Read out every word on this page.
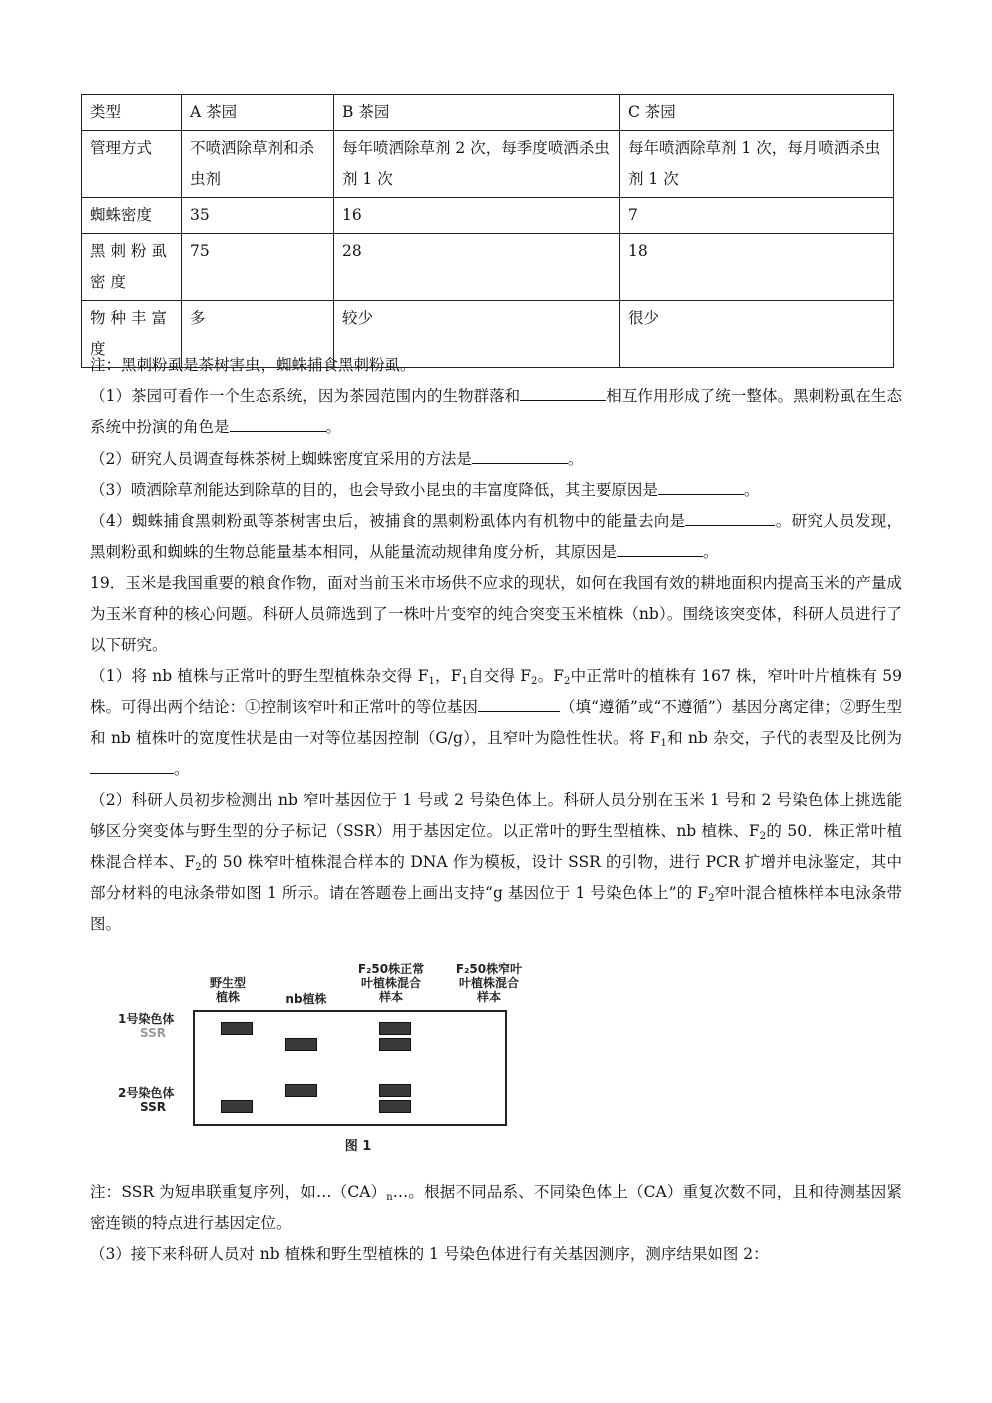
类型	A 茶园	B 茶园	C 茶园
管理方式	不喷洒除草剂和杀虫剂	每年喷洒除草剂 2 次，每季度喷洒杀虫剂 1 次	每年喷洒除草剂 1 次，每月喷洒杀虫剂 1 次
蜘蛛密度	35	16	7
黑刺粉虱密度	75	28	18
物种丰富度	多	较少	很少
注：黑刺粉虱是茶树害虫，蜘蛛捕食黑刺粉虱。
（1）茶园可看作一个生态系统，因为茶园范围内的生物群落和	相互作用形成了统一整体。黑刺粉虱在生态系统中扮演的角色是	。
（2）研究人员调查每株茶树上蜘蛛密度宜采用的方法是	。
（3）喷洒除草剂能达到除草的目的，也会导致小昆虫的丰富度降低，其主要原因是	。
（4）蜘蛛捕食黑刺粉虱等茶树害虫后，被捕食的黑刺粉虱体内有机物中的能量去向是	。研究人员发现，黑刺粉虱和蜘蛛的生物总能量基本相同，从能量流动规律角度分析，其原因是	。
19．玉米是我国重要的粮食作物，面对当前玉米市场供不应求的现状，如何在我国有效的耕地面积内提高玉米的产量成为玉米育种的核心问题。科研人员筛选到了一株叶片变窄的纯合突变玉米植株（nb）。围绕该突变体，科研人员进行了以下研究。
（1）将 nb 植株与正常叶的野生型植株杂交得 $F_1$，$F_1$自交得 $F_2$。$F_2$中正常叶的植株有 167 株，窄叶叶片植株有 59 株。可得出两个结论：①控制该窄叶和正常叶的等位基因	（填“遵循”或“不遵循”）基因分离定律；②野生型和 nb 植株叶的宽度性状是由一对等位基因控制（G/g），且窄叶为隐性性状。将 $F_1$和 nb 杂交，子代的表型及比例为。
（2）科研人员初步检测出 nb 窄叶基因位于 1 号或 2 号染色体上。科研人员分别在玉米 1 号和 2 号染色体上挑选能够区分突变体与野生型的分子标记（SSR）用于基因定位。以正常叶的野生型植株、nb 植株、$F_2$的 50．株正常叶植株混合样本、$F_2$的 50 株窄叶植株混合样本的 DNA 作为模板，设计 SSR 的引物，进行 PCR 扩增并电泳鉴定，其中部分材料的电泳条带如图 1 所示。请在答题卷上画出支持“g 基因位于 1 号染色体上”的 $F_2$窄叶混合植株样本电泳条带图。
野生型
植株	nb植株
F₂50株正常
叶植株混合
样本
F₂50株窄叶
叶植株混合
样本
1号染色体
SSR
2号染色体
SSR
图 1
注：SSR 为短串联重复序列，如$\dots(CA)_n\dots$。根据不同品系、不同染色体上（CA）重复次数不同，且和待测基因紧密连锁的特点进行基因定位。
（3）接下来科研人员对 nb 植株和野生型植株的 1 号染色体进行有关基因测序，测序结果如图 2：
